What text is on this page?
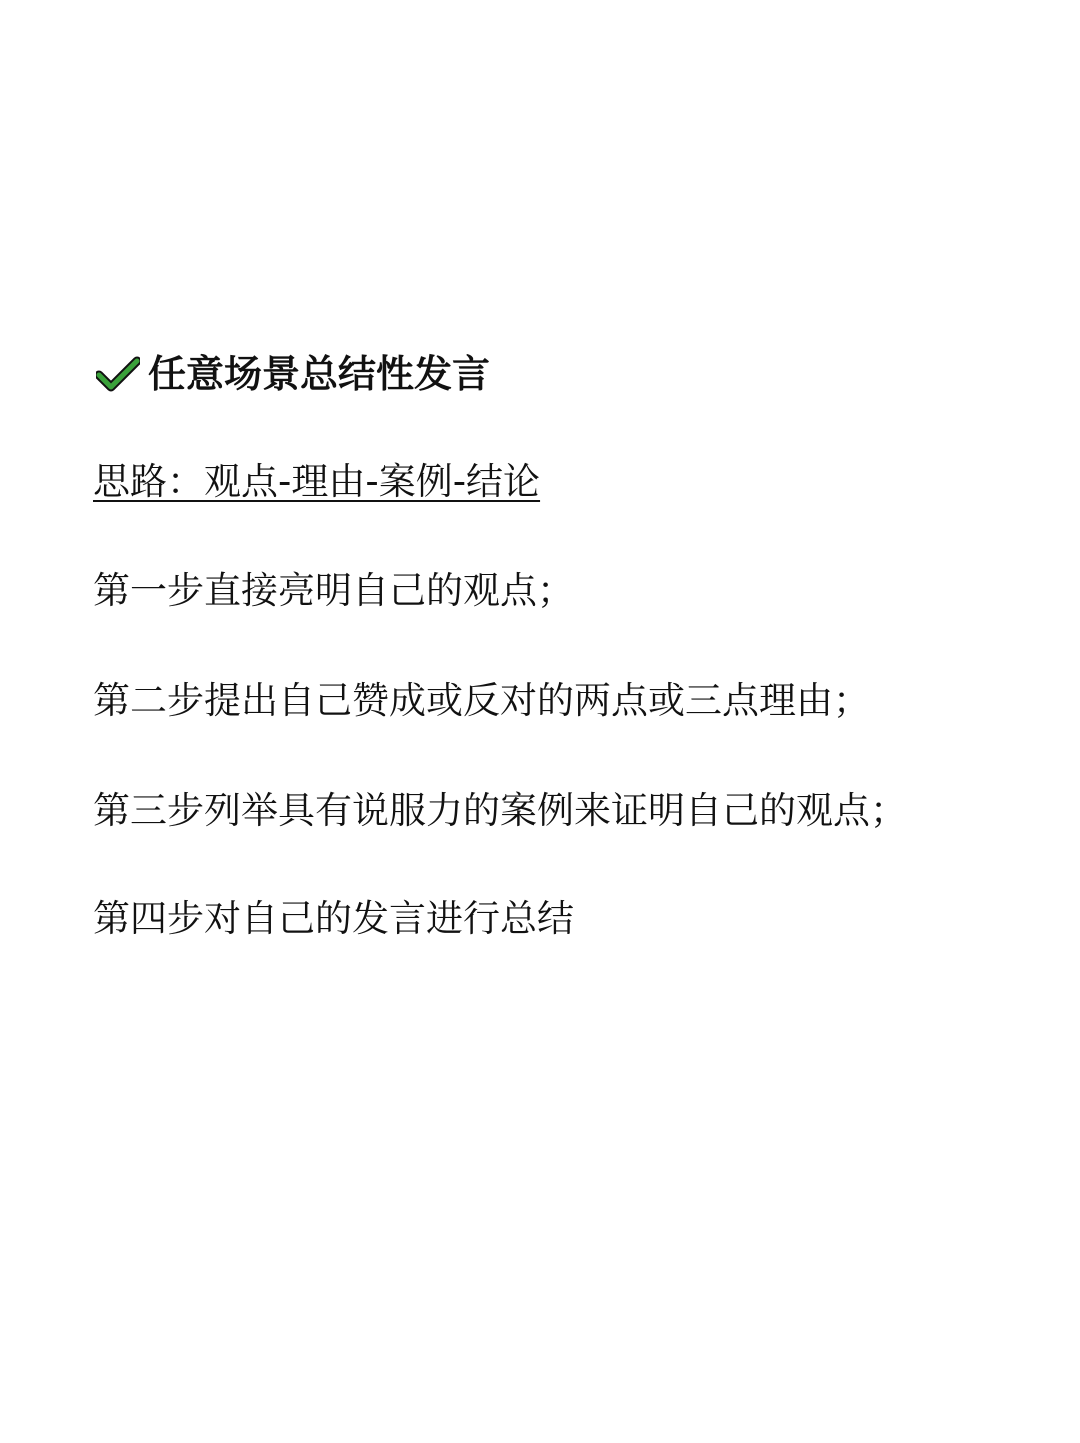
任意场景总结性发言
思路：观点-理由-案例-结论
第一步直接亮明自己的观点；
第二步提出自己赞成或反对的两点或三点理由；
第三步列举具有说服力的案例来证明自己的观点；
第四步对自己的发言进行总结
